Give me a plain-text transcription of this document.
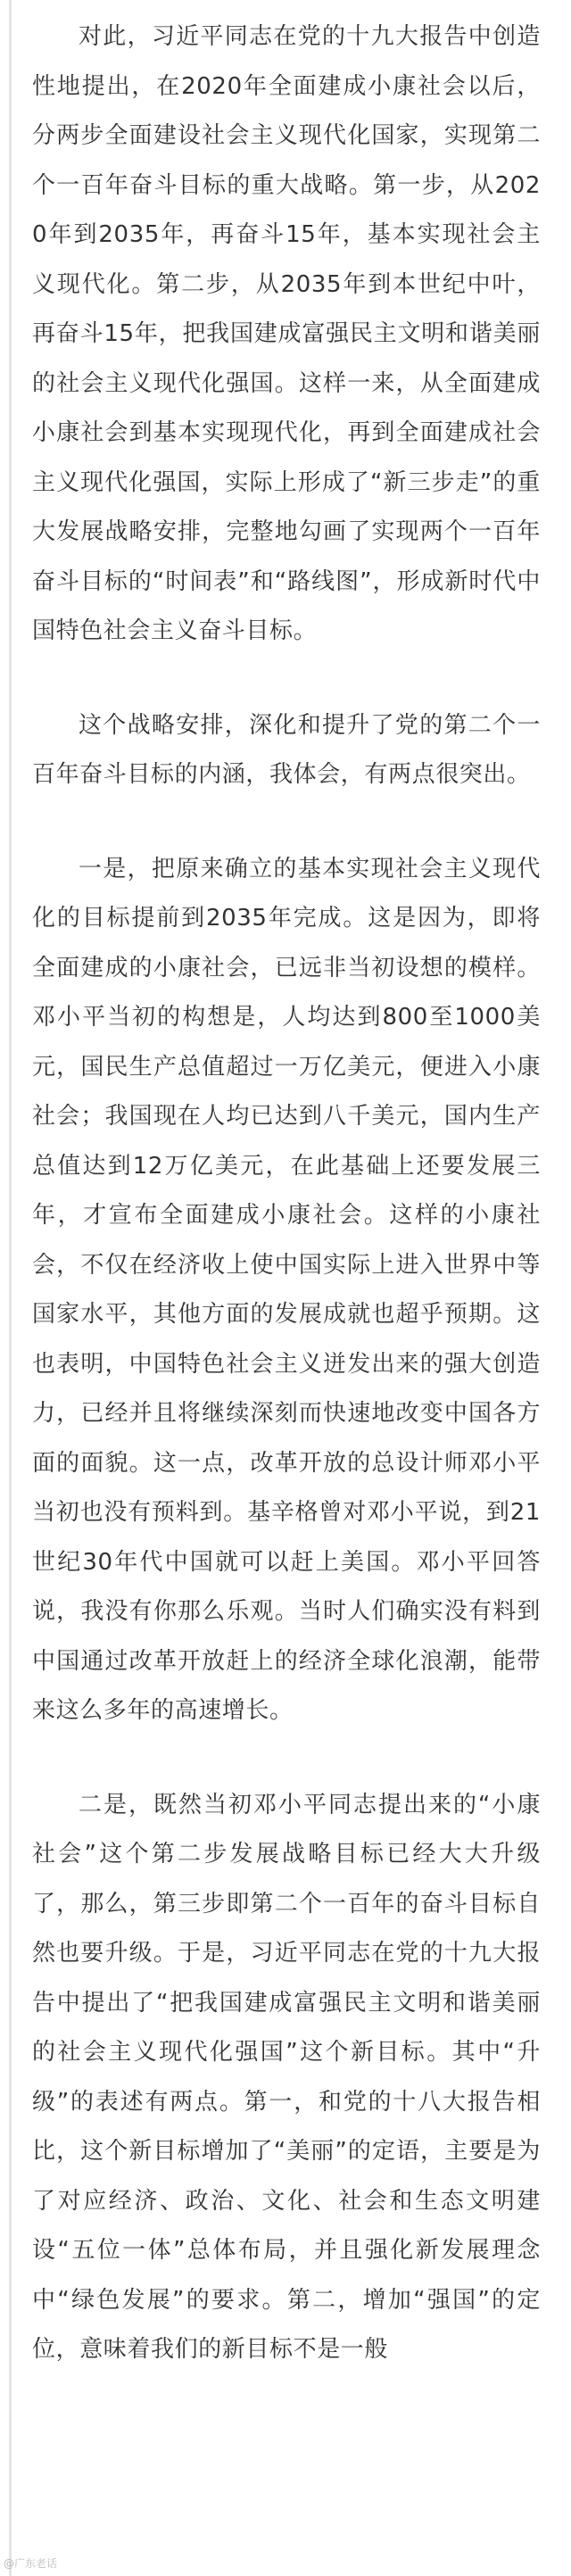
对此，习近平同志在党的十九大报告中创造性地提出，在2020年全面建成小康社会以后，分两步全面建设社会主义现代化国家，实现第二个一百年奋斗目标的重大战略。第一步，从2020年到2035年，再奋斗15年，基本实现社会主义现代化。第二步，从2035年到本世纪中叶，再奋斗15年，把我国建成富强民主文明和谐美丽的社会主义现代化强国。这样一来，从全面建成小康社会到基本实现现代化，再到全面建成社会主义现代化强国，实际上形成了“新三步走”的重大发展战略安排，完整地勾画了实现两个一百年奋斗目标的“时间表”和“路线图”，形成新时代中国特色社会主义奋斗目标。

这个战略安排，深化和提升了党的第二个一百年奋斗目标的内涵，我体会，有两点很突出。

一是，把原来确立的基本实现社会主义现代化的目标提前到2035年完成。这是因为，即将全面建成的小康社会，已远非当初设想的模样。邓小平当初的构想是，人均达到800至1000美元，国民生产总值超过一万亿美元，便进入小康社会；我国现在人均已达到八千美元，国内生产总值达到12万亿美元，在此基础上还要发展三年，才宣布全面建成小康社会。这样的小康社会，不仅在经济收上使中国实际上进入世界中等国家水平，其他方面的发展成就也超乎预期。这也表明，中国特色社会主义迸发出来的强大创造力，已经并且将继续深刻而快速地改变中国各方面的面貌。这一点，改革开放的总设计师邓小平当初也没有预料到。基辛格曾对邓小平说，到21世纪30年代中国就可以赶上美国。邓小平回答说，我没有你那么乐观。当时人们确实没有料到中国通过改革开放赶上的经济全球化浪潮，能带来这么多年的高速增长。

二是，既然当初邓小平同志提出来的“小康社会”这个第二步发展战略目标已经大大升级了，那么，第三步即第二个一百年的奋斗目标自然也要升级。于是，习近平同志在党的十九大报告中提出了“把我国建成富强民主文明和谐美丽的社会主义现代化强国”这个新目标。其中“升级”的表述有两点。第一，和党的十八大报告相比，这个新目标增加了“美丽”的定语，主要是为了对应经济、政治、文化、社会和生态文明建设“五位一体”总体布局，并且强化新发展理念中“绿色发展”的要求。第二，增加“强国”的定位，意味着我们的新目标不是一般

@广东老话
